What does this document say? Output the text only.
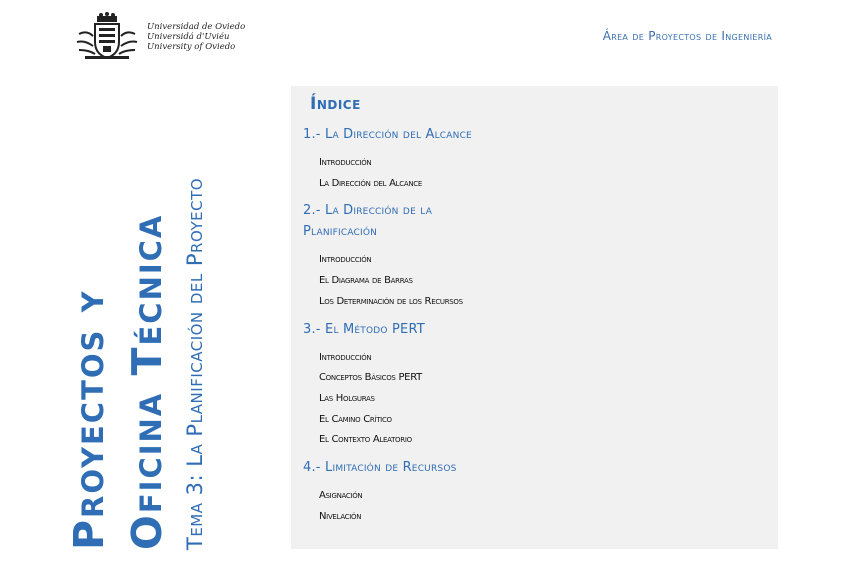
Universidad de Oviedo
Universidá d'Uviéu
University of Oviedo
Área de Proyectos de Ingeniería
Proyectos y Oficina Técnica Tema 3: La Planificación del Proyecto
Índice
1.- La Dirección del Alcance
Introducción
La Dirección del Alcance
2.- La Dirección de la
Planificación
Introducción
El Diagrama de Barras
Los Determinación de los Recursos
3.- El Método PERT
Introducción
Conceptos Básicos PERT
Las Holguras
El Camino Crítico
El Contexto Aleatorio
4.- Limitación de Recursos
Asignación
Nivelación
